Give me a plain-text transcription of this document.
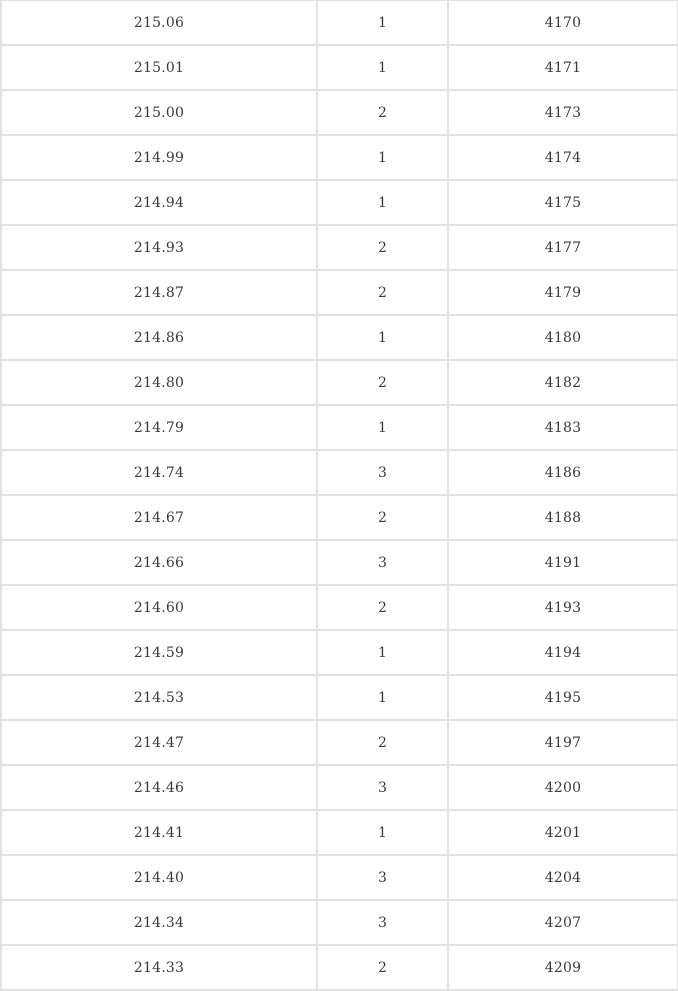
215.06	1	4170
215.01	1	4171
215.00	2	4173
214.99	1	4174
214.94	1	4175
214.93	2	4177
214.87	2	4179
214.86	1	4180
214.80	2	4182
214.79	1	4183
214.74	3	4186
214.67	2	4188
214.66	3	4191
214.60	2	4193
214.59	1	4194
214.53	1	4195
214.47	2	4197
214.46	3	4200
214.41	1	4201
214.40	3	4204
214.34	3	4207
214.33	2	4209
